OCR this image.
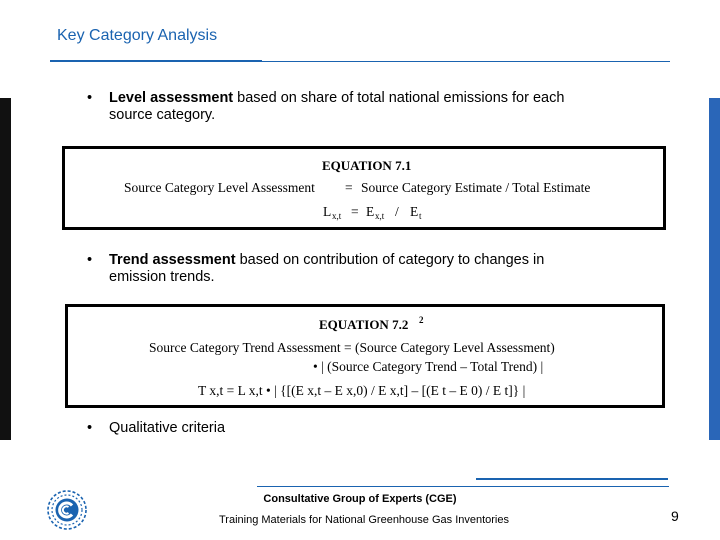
Key Category Analysis
• Level assessment based on share of total national emissions for each
source category.
EQUATION 7.1
Source Category Level Assessment = Source Category Estimate / Total Estimate
L x,t = E x,t / E t
• Trend assessment based on contribution of category to changes in
emission trends.
EQUATION 7.2 2
Source Category Trend Assessment = (Source Category Level Assessment)
• | (Source Category Trend – Total Trend) |
T x,t = L x,t • | {[(E x,t – E x,0) / E x,t] – [(E t – E 0) / E t]} |
• Qualitative criteria
Consultative Group of Experts (CGE)
Training Materials for National Greenhouse Gas Inventories	9
